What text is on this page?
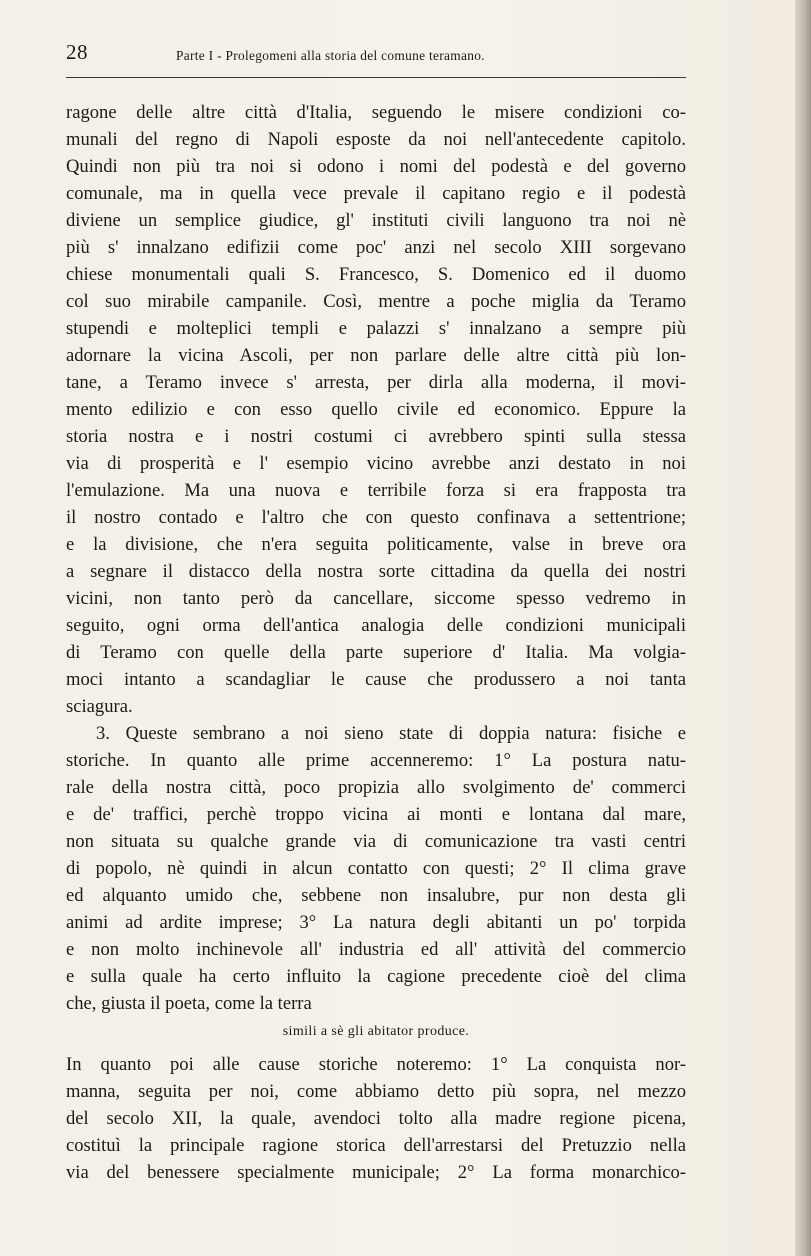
28	Parte I - Prolegomeni alla storia del comune teramano.
ragone delle altre città d'Italia, seguendo le misere condizioni co-
munali del regno di Napoli esposte da noi nell'antecedente capitolo.
Quindi non più tra noi si odono i nomi del podestà e del governo
comunale, ma in quella vece prevale il capitano regio e il podestà
diviene un semplice giudice, gl' instituti civili languono tra noi nè
più s' innalzano edifizii come poc' anzi nel secolo XIII sorgevano
chiese monumentali quali S. Francesco, S. Domenico ed il duomo
col suo mirabile campanile. Così, mentre a poche miglia da Teramo
stupendi e molteplici templi e palazzi s' innalzano a sempre più
adornare la vicina Ascoli, per non parlare delle altre città più lon-
tane, a Teramo invece s' arresta, per dirla alla moderna, il movi-
mento edilizio e con esso quello civile ed economico. Eppure la
storia nostra e i nostri costumi ci avrebbero spinti sulla stessa
via di prosperità e l' esempio vicino avrebbe anzi destato in noi
l'emulazione. Ma una nuova e terribile forza si era frapposta tra
il nostro contado e l'altro che con questo confinava a settentrione;
e la divisione, che n'era seguita politicamente, valse in breve ora
a segnare il distacco della nostra sorte cittadina da quella dei nostri
vicini, non tanto però da cancellare, siccome spesso vedremo in
seguito, ogni orma dell'antica analogia delle condizioni municipali
di Teramo con quelle della parte superiore d' Italia. Ma volgia-
moci intanto a scandagliar le cause che produssero a noi tanta
sciagura.
3. Queste sembrano a noi sieno state di doppia natura: fisiche e
storiche. In quanto alle prime accenneremo: 1° La postura natu-
rale della nostra città, poco propizia allo svolgimento de' commerci
e de' traffici, perchè troppo vicina ai monti e lontana dal mare,
non situata su qualche grande via di comunicazione tra vasti centri
di popolo, nè quindi in alcun contatto con questi; 2° Il clima grave
ed alquanto umido che, sebbene non insalubre, pur non desta gli
animi ad ardite imprese; 3° La natura degli abitanti un po' torpida
e non molto inchinevole all' industria ed all' attività del commercio
e sulla quale ha certo influito la cagione precedente cioè del clima
che, giusta il poeta, come la terra
simili a sè gli abitator produce.
In quanto poi alle cause storiche noteremo: 1° La conquista nor-
manna, seguita per noi, come abbiamo detto più sopra, nel mezzo
del secolo XII, la quale, avendoci tolto alla madre regione picena,
costituì la principale ragione storica dell'arrestarsi del Pretuzzio nella
via del benessere specialmente municipale; 2° La forma monarchico-
